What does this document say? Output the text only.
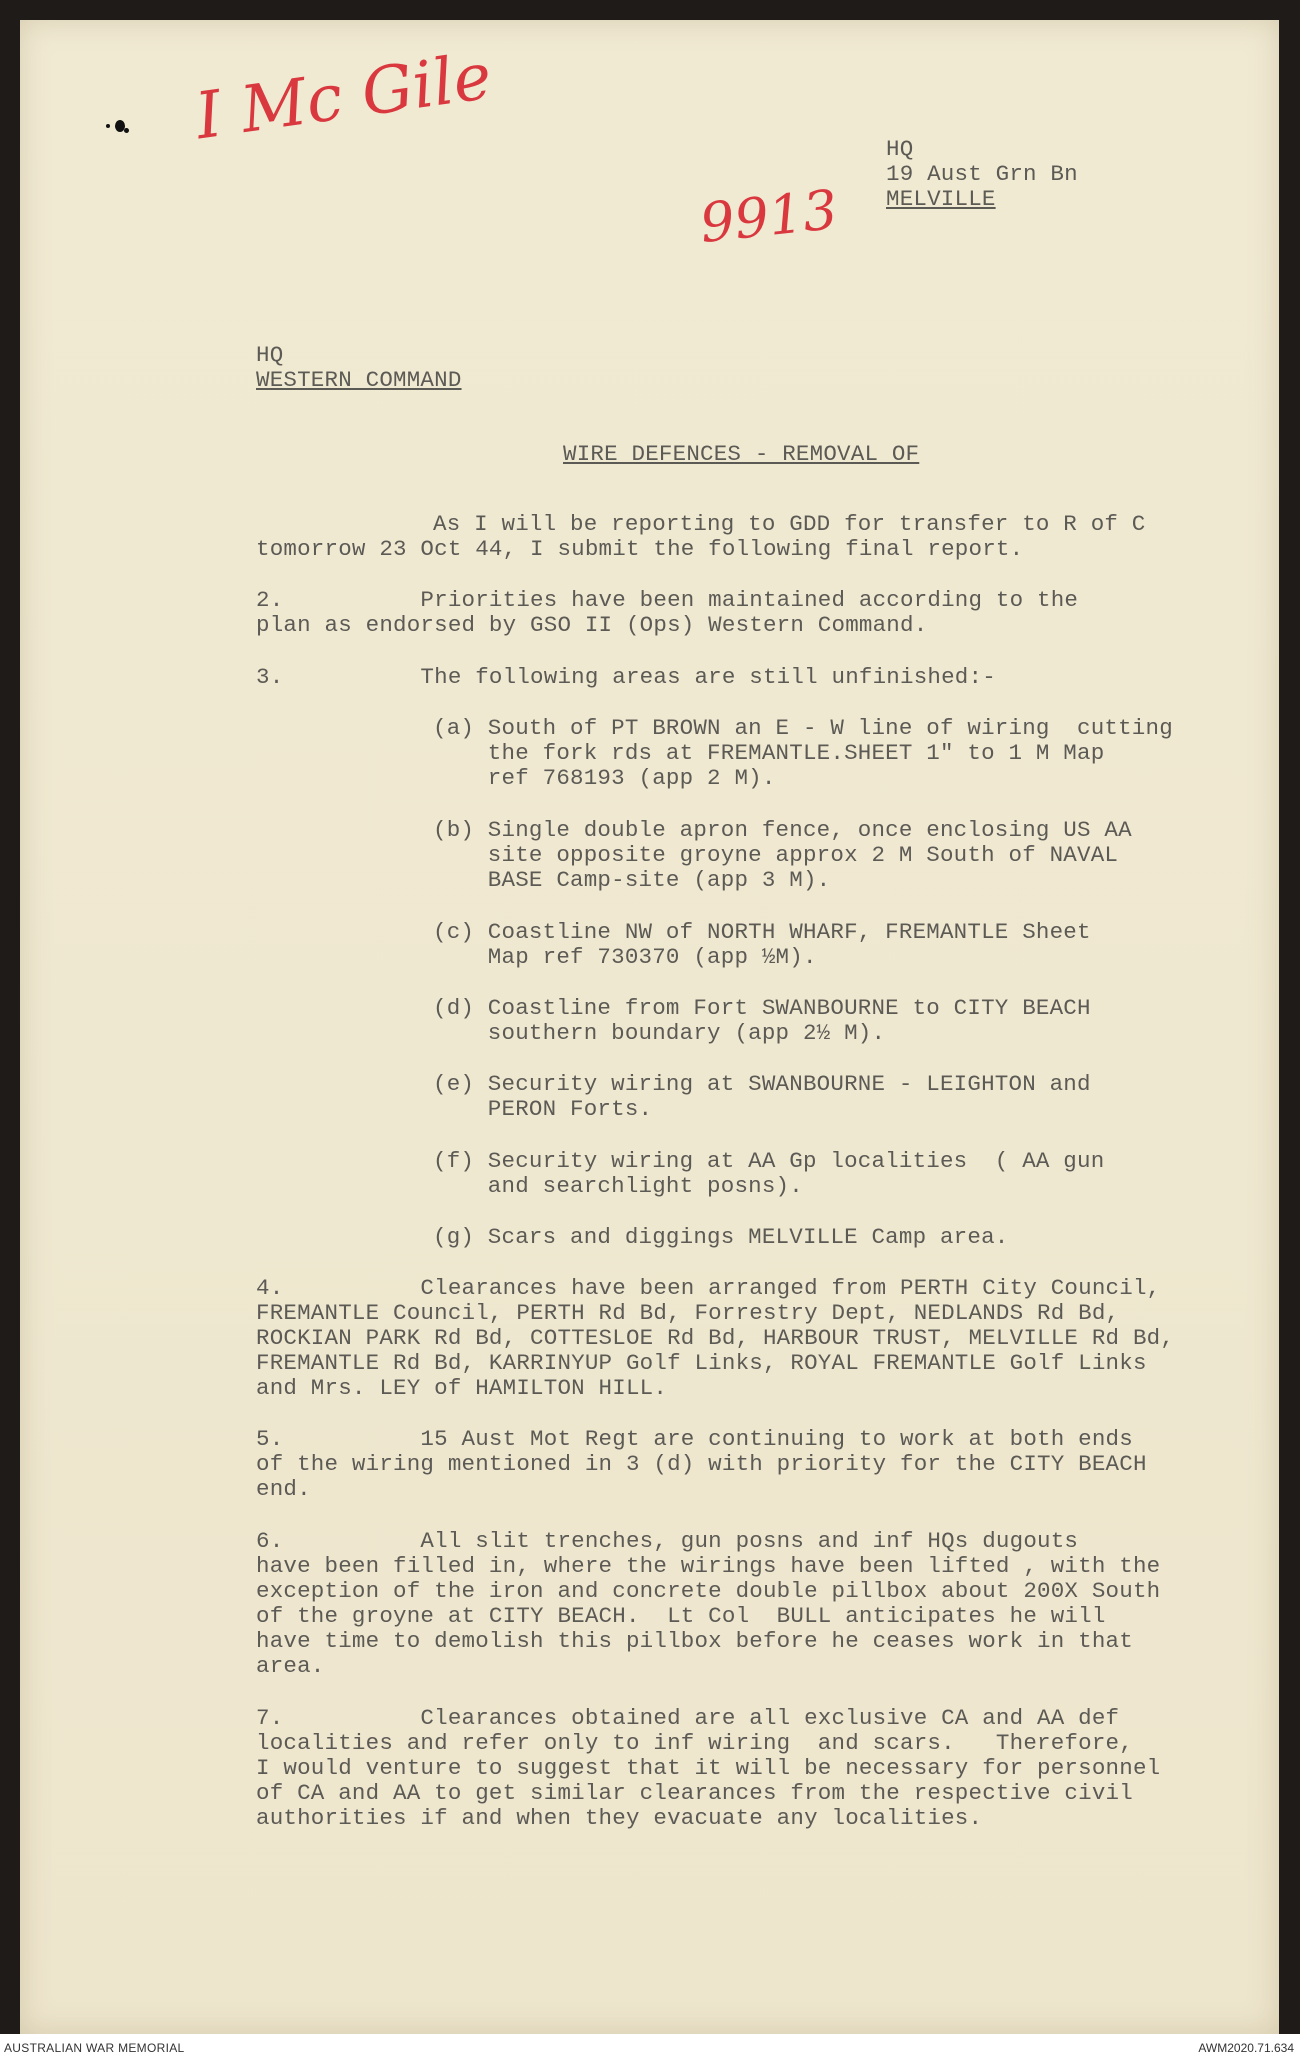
I Mc Gile
9913
HQ
19 Aust Grn Bn
MELVILLE
HQ
WESTERN COMMAND
WIRE DEFENCES - REMOVAL OF
As I will be reporting to GDD for transfer to R of C
tomorrow 23 Oct 44, I submit the following final report.
2.          Priorities have been maintained according to the
plan as endorsed by GSO II (Ops) Western Command.
3.          The following areas are still unfinished:-
(a) South of PT BROWN an E - W line of wiring  cutting
the fork rds at FREMANTLE.SHEET 1" to 1 M Map
ref 768193 (app 2 M).
(b) Single double apron fence, once enclosing US AA
site opposite groyne approx 2 M South of NAVAL
BASE Camp-site (app 3 M).
(c) Coastline NW of NORTH WHARF, FREMANTLE Sheet
Map ref 730370 (app ½M).
(d) Coastline from Fort SWANBOURNE to CITY BEACH
southern boundary (app 2½ M).
(e) Security wiring at SWANBOURNE - LEIGHTON and
PERON Forts.
(f) Security wiring at AA Gp localities  ( AA gun
and searchlight posns).
(g) Scars and diggings MELVILLE Camp area.
4.          Clearances have been arranged from PERTH City Council,
FREMANTLE Council, PERTH Rd Bd, Forrestry Dept, NEDLANDS Rd Bd,
ROCKIAN PARK Rd Bd, COTTESLOE Rd Bd, HARBOUR TRUST, MELVILLE Rd Bd,
FREMANTLE Rd Bd, KARRINYUP Golf Links, ROYAL FREMANTLE Golf Links
and Mrs. LEY of HAMILTON HILL.
5.          15 Aust Mot Regt are continuing to work at both ends
of the wiring mentioned in 3 (d) with priority for the CITY BEACH
end.
6.          All slit trenches, gun posns and inf HQs dugouts
have been filled in, where the wirings have been lifted , with the
exception of the iron and concrete double pillbox about 200X South
of the groyne at CITY BEACH.  Lt Col  BULL anticipates he will
have time to demolish this pillbox before he ceases work in that
area.
7.          Clearances obtained are all exclusive CA and AA def
localities and refer only to inf wiring  and scars.   Therefore,
I would venture to suggest that it will be necessary for personnel
of CA and AA to get similar clearances from the respective civil
authorities if and when they evacuate any localities.
AUSTRALIAN WAR MEMORIAL	AWM2020.71.634
